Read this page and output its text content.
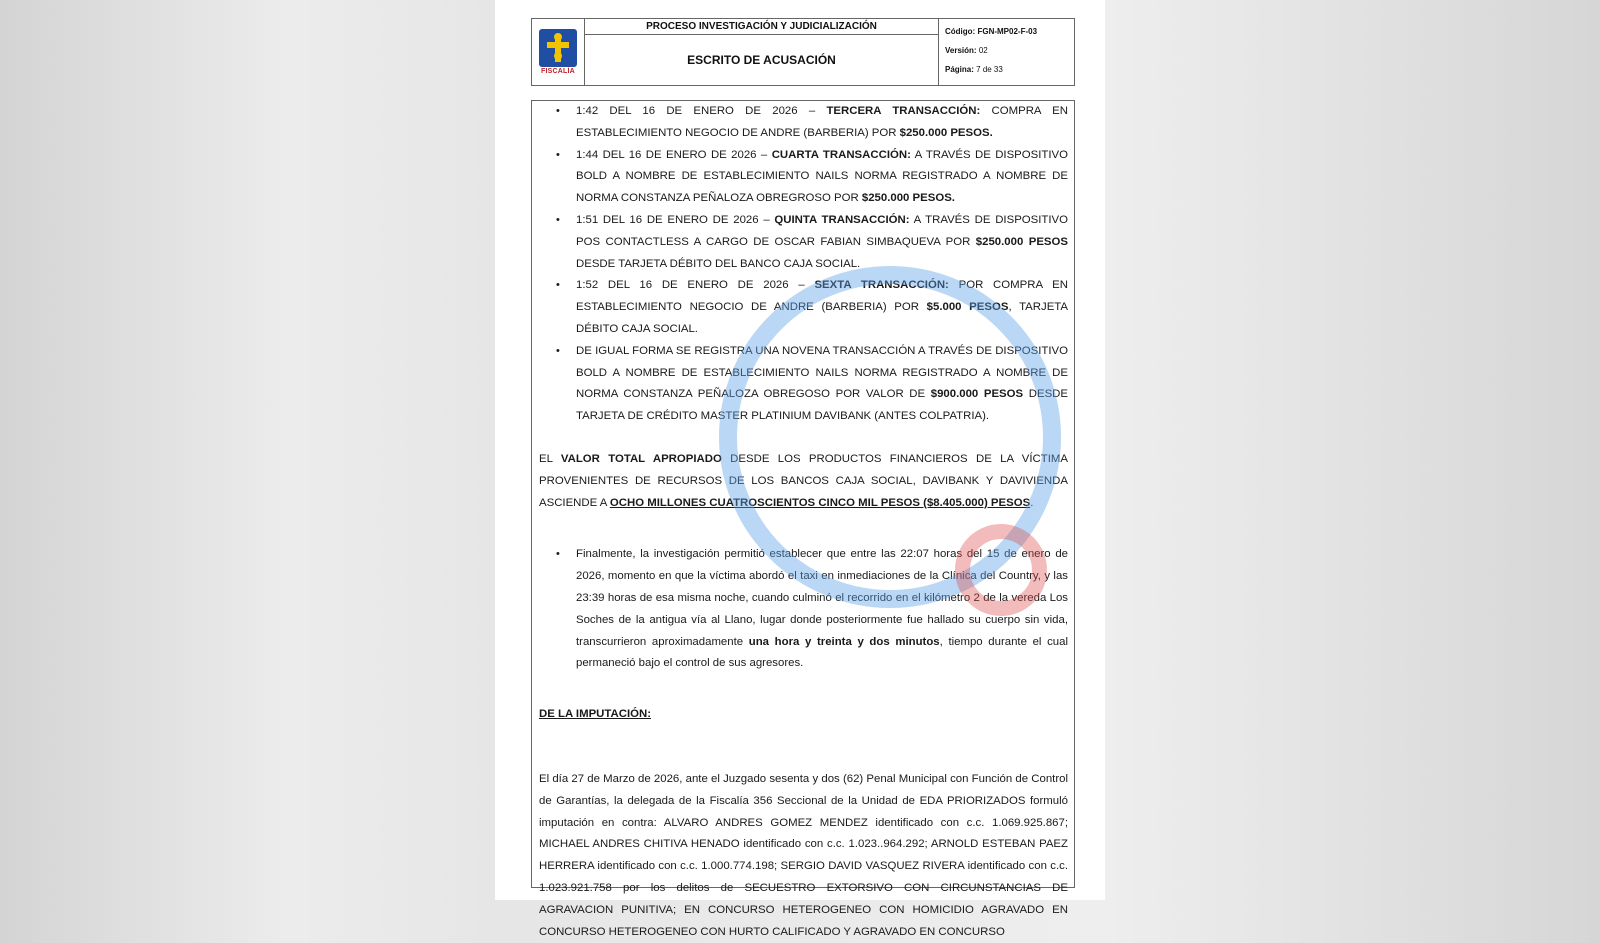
FISCALÍA
PROCESO INVESTIGACIÓN Y JUDICIALIZACIÓN
ESCRITO DE ACUSACIÓN
Código: FGN-MP02-F-03
Versión: 02
Página: 7 de 33
• 1:42 DEL 16 DE ENERO DE 2026 – TERCERA TRANSACCIÓN: COMPRA EN ESTABLECIMIENTO NEGOCIO DE ANDRE (BARBERIA) POR $250.000 PESOS.
• 1:44 DEL 16 DE ENERO DE 2026 – CUARTA TRANSACCIÓN: A TRAVÉS DE DISPOSITIVO BOLD A NOMBRE DE ESTABLECIMIENTO NAILS NORMA REGISTRADO A NOMBRE DE NORMA CONSTANZA PEÑALOZA OBREGROSO POR $250.000 PESOS.
• 1:51 DEL 16 DE ENERO DE 2026 – QUINTA TRANSACCIÓN: A TRAVÉS DE DISPOSITIVO POS CONTACTLESS A CARGO DE OSCAR FABIAN SIMBAQUEVA POR $250.000 PESOS DESDE TARJETA DÉBITO DEL BANCO CAJA SOCIAL.
• 1:52 DEL 16 DE ENERO DE 2026 – SEXTA TRANSACCIÓN: POR COMPRA EN ESTABLECIMIENTO NEGOCIO DE ANDRE (BARBERIA) POR $5.000 PESOS, TARJETA DÉBITO CAJA SOCIAL.
• DE IGUAL FORMA SE REGISTRA UNA NOVENA TRANSACCIÓN A TRAVÉS DE DISPOSITIVO BOLD A NOMBRE DE ESTABLECIMIENTO NAILS NORMA REGISTRADO A NOMBRE DE NORMA CONSTANZA PEÑALOZA OBREGOSO POR VALOR DE $900.000 PESOS DESDE TARJETA DE CRÉDITO MASTER PLATINIUM DAVIBANK (ANTES COLPATRIA).
EL VALOR TOTAL APROPIADO DESDE LOS PRODUCTOS FINANCIEROS DE LA VÍCTIMA PROVENIENTES DE RECURSOS DE LOS BANCOS CAJA SOCIAL, DAVIBANK Y DAVIVIENDA ASCIENDE A OCHO MILLONES CUATROSCIENTOS CINCO MIL PESOS ($8.405.000) PESOS.
• Finalmente, la investigación permitió establecer que entre las 22:07 horas del 15 de enero de 2026, momento en que la víctima abordó el taxi en inmediaciones de la Clínica del Country, y las 23:39 horas de esa misma noche, cuando culminó el recorrido en el kilómetro 2 de la vereda Los Soches de la antigua vía al Llano, lugar donde posteriormente fue hallado su cuerpo sin vida, transcurrieron aproximadamente una hora y treinta y dos minutos, tiempo durante el cual permaneció bajo el control de sus agresores.
DE LA IMPUTACIÓN:
El día 27 de Marzo de 2026, ante el Juzgado sesenta y dos (62) Penal Municipal con Función de Control de Garantías, la delegada de la Fiscalía 356 Seccional de la Unidad de EDA PRIORIZADOS formuló imputación en contra: ALVARO ANDRES GOMEZ MENDEZ identificado con c.c. 1.069.925.867; MICHAEL ANDRES CHITIVA HENADO identificado con c.c. 1.023..964.292; ARNOLD ESTEBAN PAEZ HERRERA identificado con c.c. 1.000.774.198; SERGIO DAVID VASQUEZ RIVERA identificado con c.c. 1.023.921.758 por los delitos de SECUESTRO EXTORSIVO CON CIRCUNSTANCIAS DE AGRAVACION PUNITIVA; EN CONCURSO HETEROGENEO CON HOMICIDIO AGRAVADO EN CONCURSO HETEROGENEO CON HURTO CALIFICADO Y AGRAVADO EN CONCURSO
